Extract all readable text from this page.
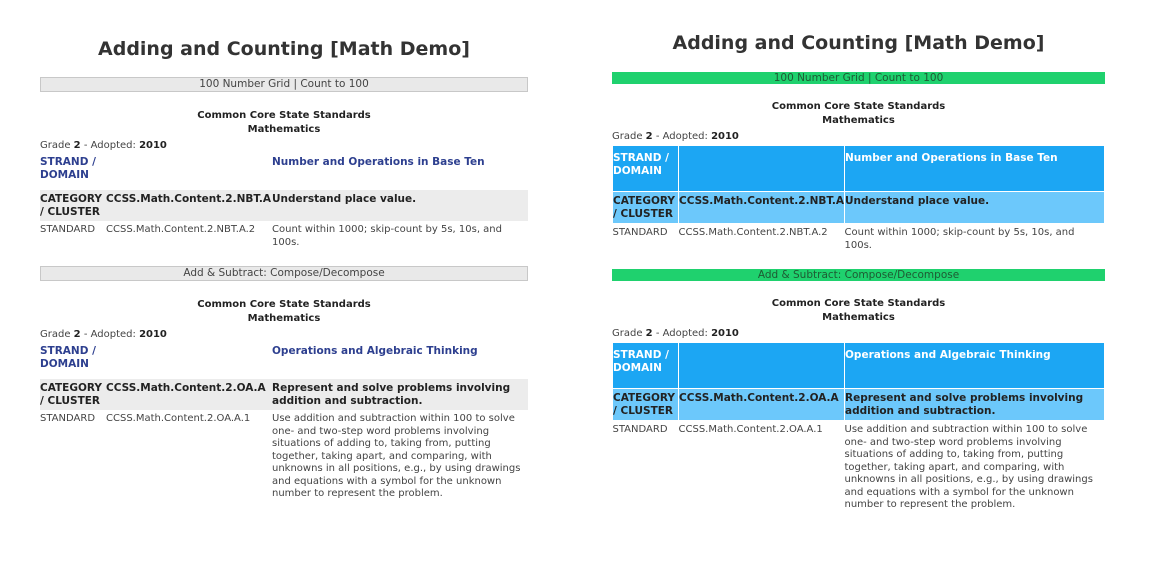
Adding and Counting [Math Demo]
100 Number Grid | Count to 100
Common Core State Standards
Mathematics
Grade 2 - Adopted: 2010
STRAND / DOMAIN		Number and Operations in Base Ten
CATEGORY / CLUSTER	CCSS.Math.Content.2.NBT.A	Understand place value.
STANDARD	CCSS.Math.Content.2.NBT.A.2	Count within 1000; skip-count by 5s, 10s, and 100s.
Add & Subtract: Compose/Decompose
Common Core State Standards
Mathematics
Grade 2 - Adopted: 2010
STRAND / DOMAIN		Operations and Algebraic Thinking
CATEGORY / CLUSTER	CCSS.Math.Content.2.OA.A	Represent and solve problems involving addition and subtraction.
STANDARD	CCSS.Math.Content.2.OA.A.1	Use addition and subtraction within 100 to solve one- and two-step word problems involving situations of adding to, taking from, putting together, taking apart, and comparing, with unknowns in all positions, e.g., by using drawings and equations with a symbol for the unknown number to represent the problem.
Adding and Counting [Math Demo]
100 Number Grid | Count to 100
Common Core State Standards
Mathematics
Grade 2 - Adopted: 2010
STRAND / DOMAIN		Number and Operations in Base Ten
CATEGORY / CLUSTER	CCSS.Math.Content.2.NBT.A	Understand place value.
STANDARD	CCSS.Math.Content.2.NBT.A.2	Count within 1000; skip-count by 5s, 10s, and 100s.
Add & Subtract: Compose/Decompose
Common Core State Standards
Mathematics
Grade 2 - Adopted: 2010
STRAND / DOMAIN		Operations and Algebraic Thinking
CATEGORY / CLUSTER	CCSS.Math.Content.2.OA.A	Represent and solve problems involving addition and subtraction.
STANDARD	CCSS.Math.Content.2.OA.A.1	Use addition and subtraction within 100 to solve one- and two-step word problems involving situations of adding to, taking from, putting together, taking apart, and comparing, with unknowns in all positions, e.g., by using drawings and equations with a symbol for the unknown number to represent the problem.
